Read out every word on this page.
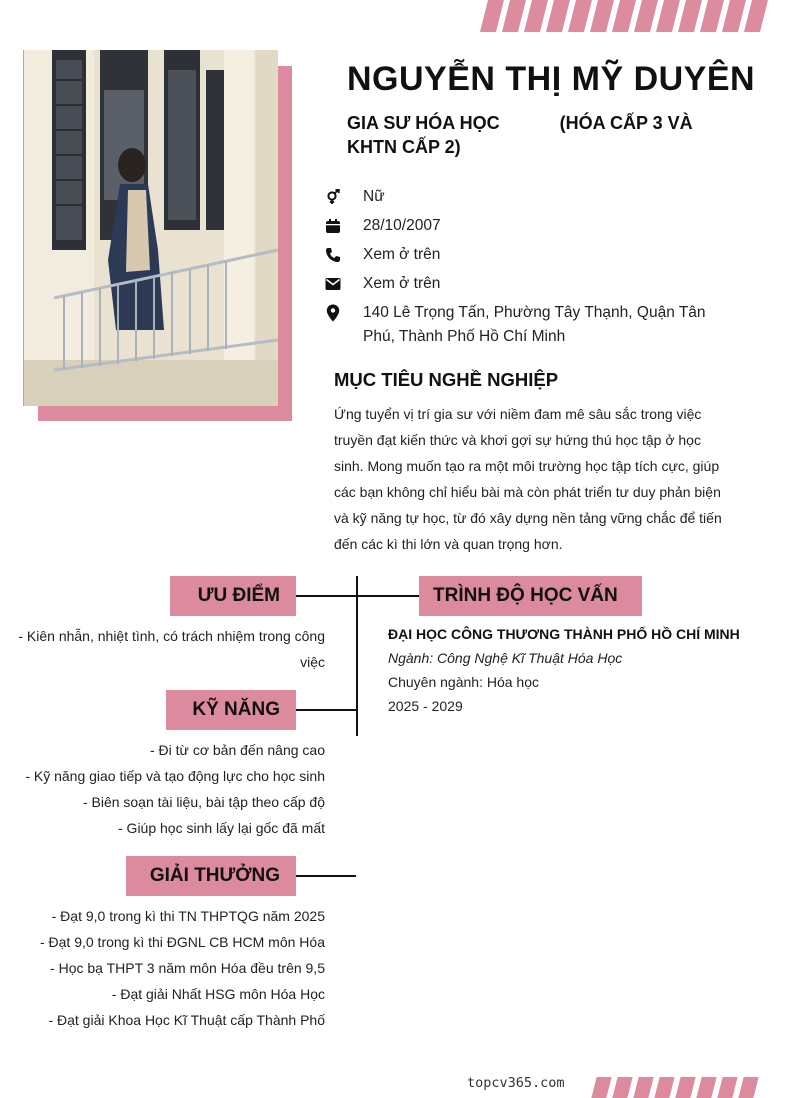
NGUYỄN THỊ MỸ DUYÊN
GIA SƯ HÓA HỌC            (HÓA CẤP 3 VÀ KHTN CẤP 2)
Nữ
28/10/2007
Xem ở trên
Xem ở trên
140 Lê Trọng Tấn, Phường Tây Thạnh, Quận Tân Phú, Thành Phố Hồ Chí Minh
MỤC TIÊU NGHỀ NGHIỆP
Ứng tuyển vị trí gia sư với niềm đam mê sâu sắc trong việc truyền đạt kiến thức và khơi gợi sự hứng thú học tập ở học sinh. Mong muốn tạo ra một môi trường học tập tích cực, giúp các bạn không chỉ hiểu bài mà còn phát triển tư duy phản biện và kỹ năng tự học, từ đó xây dựng nền tảng vững chắc để tiến đến các kì thi lớn và quan trọng hơn.
ƯU ĐIỂM	TRÌNH ĐỘ HỌC VẤN
KỸ NĂNG
GIẢI THƯỞNG
- Kiên nhẫn, nhiệt tình, có trách nhiệm trong công việc
- Đi từ cơ bản đến nâng cao
- Kỹ năng giao tiếp và tạo động lực cho học sinh
- Biên soạn tài liệu, bài tập theo cấp độ
- Giúp học sinh lấy lại gốc đã mất
- Đạt 9,0 trong kì thi TN THPTQG năm 2025
- Đạt 9,0 trong kì thi ĐGNL CB HCM môn Hóa
- Học bạ THPT 3 năm môn Hóa đều trên 9,5
- Đạt giải Nhất HSG môn Hóa Học
- Đạt giải Khoa Học Kĩ Thuật cấp Thành Phố
ĐẠI HỌC CÔNG THƯƠNG THÀNH PHỐ HỒ CHÍ MINH
Ngành: Công Nghệ Kĩ Thuật Hóa Học
Chuyên ngành: Hóa học
2025 - 2029
topcv365.com
